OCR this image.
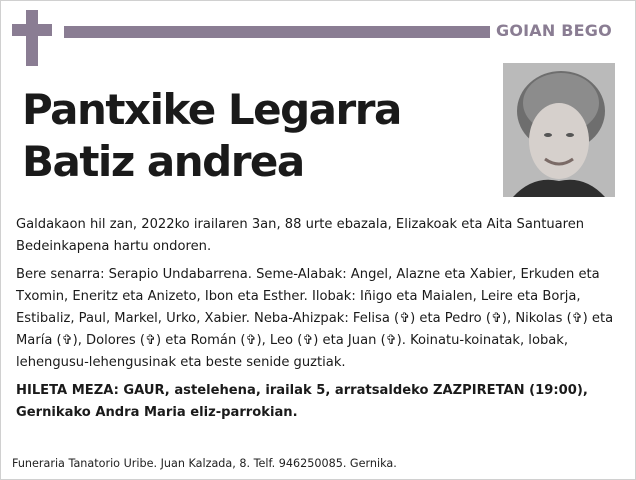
GOIAN BEGO
Pantxike Legarra
Batiz andrea

Galdakaon hil zan, 2022ko irailaren 3an, 88 urte ebazala, Elizakoak eta Aita Santuaren Bedeinkapena hartu ondoren.

Bere senarra: Serapio Undabarrena. Seme-Alabak: Angel, Alazne eta Xabier, Erkuden eta Txomin, Eneritz eta Anizeto, Ibon eta Esther. Ilobak: Iñigo eta Maialen, Leire eta Borja, Estibaliz, Paul, Markel, Urko, Xabier. Neba-Ahizpak: Felisa (✞) eta Pedro (✞), Nikolas (✞) eta María (✞), Dolores (✞) eta Román (✞), Leo (✞) eta Juan (✞). Koinatu-koinatak, lobak, lehengusu-lehengusinak eta beste senide guztiak.

HILETA MEZA: GAUR, astelehena, irailak 5, arratsaldeko ZAZPIRETAN (19:00), Gernikako Andra Maria eliz-parrokian.

Funeraria Tanatorio Uribe. Juan Kalzada, 8. Telf. 946250085. Gernika.
